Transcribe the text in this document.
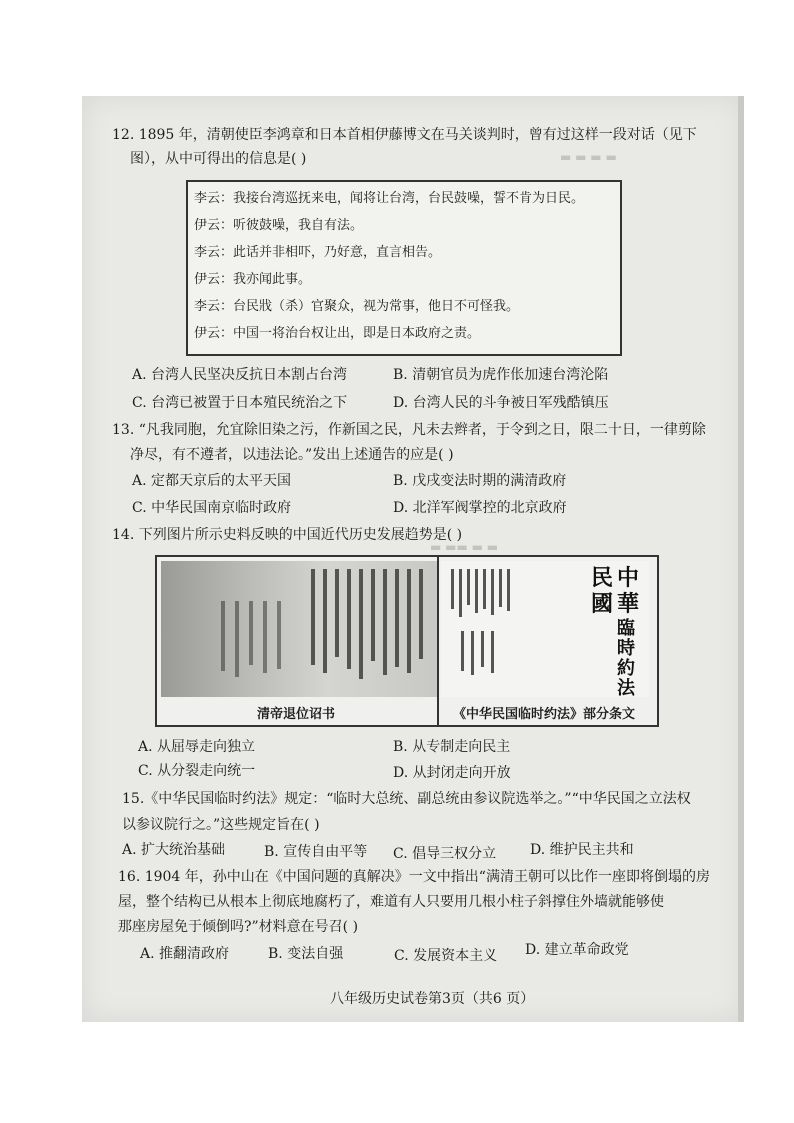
▬ ▬ ▬ ▬
▬ ▬▬ ▬ ▬
12. 1895 年，清朝使臣李鸿章和日本首相伊藤博文在马关谈判时，曾有过这样一段对话（见下
图），从中可得出的信息是( )
李云：我接台湾巡抚来电，闻将让台湾，台民鼓噪，誓不肯为日民。
伊云：听彼鼓噪，我自有法。
李云：此话并非相吓，乃好意，直言相告。
伊云：我亦闻此事。
李云：台民戕（杀）官聚众，视为常事，他日不可怪我。
伊云：中国一将治台权让出，即是日本政府之责。
A. 台湾人民坚决反抗日本割占台湾	B. 清朝官员为虎作伥加速台湾沦陷
C. 台湾已被置于日本殖民统治之下	D. 台湾人民的斗争被日军残酷镇压
13. “凡我同胞，允宜除旧染之污，作新国之民，凡未去辫者，于令到之日，限二十日，一律剪除
净尽，有不遵者，以违法论。”发出上述通告的应是( )
A. 定都天京后的太平天国	B. 戊戌变法时期的满清政府
C. 中华民国南京临时政府	D. 北洋军阀掌控的北京政府
14. 下列图片所示史料反映的中国近代历史发展趋势是( )
中華
民國
臨時約法
清帝退位诏书	《中华民国临时约法》部分条文
A. 从屈辱走向独立	B. 从专制走向民主
C. 从分裂走向统一	D. 从封闭走向开放
15.《中华民国临时约法》规定：“临时大总统、副总统由参议院选举之。”“中华民国之立法权
以参议院行之。”这些规定旨在( )
A. 扩大统治基础	B. 宣传自由平等 C. 倡导三权分立 D. 维护民主共和
16. 1904 年，孙中山在《中国问题的真解决》一文中指出“满清王朝可以比作一座即将倒塌的房
屋，整个结构已从根本上彻底地腐朽了，难道有人只要用几根小柱子斜撑住外墙就能够使
那座房屋免于倾倒吗?”材料意在号召( )
A. 推翻清政府	B. 变法自强	C. 发展资本主义 D. 建立革命政党
八年级历史试卷第3页（共6 页）
